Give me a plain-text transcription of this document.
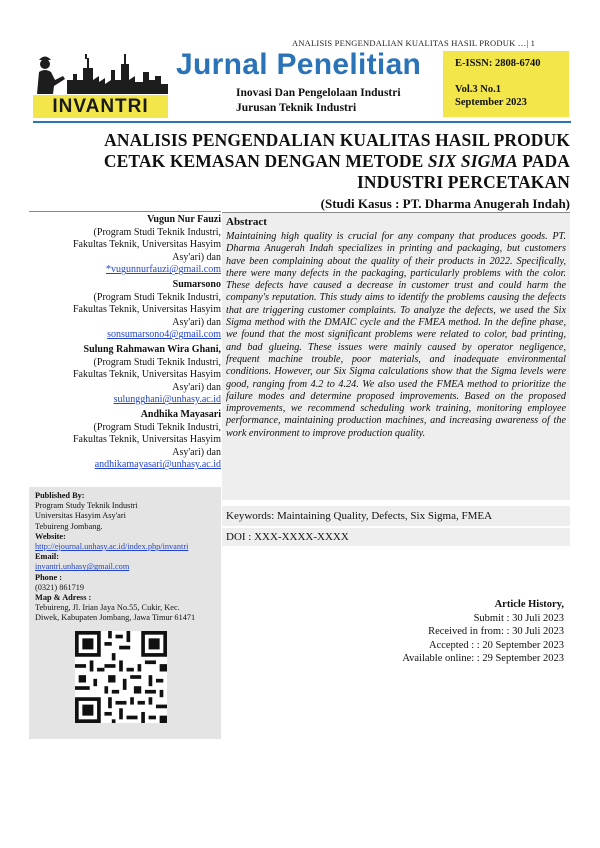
ANALISIS PENGENDALIAN KUALITAS HASIL PRODUK …| 1
INVANTRI
Jurnal Penelitian
Inovasi Dan Pengelolaan Industri
Jurusan Teknik Industri
E-ISSN: 2808-6740
Vol.3 No.1
September 2023
ANALISIS PENGENDALIAN KUALITAS HASIL PRODUK
CETAK KEMASAN DENGAN METODE SIX SIGMA PADA
INDUSTRI PERCETAKAN
(Studi Kasus : PT. Dharma Anugerah Indah)
Vugun Nur Fauzi
(Program Studi Teknik Industri,
Fakultas Teknik, Universitas Hasyim
Asy'ari) dan
*vugunnurfauzi@gmail.com
Sumarsono
(Program Studi Teknik Industri,
Fakultas Teknik, Universitas Hasyim
Asy'ari) dan
sonsumarsono4@gmail.com
Sulung Rahmawan Wira Ghani,
(Program Studi Teknik Industri,
Fakultas Teknik, Universitas Hasyim
Asy'ari) dan
sulungghani@unhasy.ac.id
Andhika Mayasari
(Program Studi Teknik Industri,
Fakultas Teknik, Universitas Hasyim
Asy'ari) dan
andhikamayasari@unhasy.ac.id
Published By:
Program Study Teknik Industri
Universitas Hasyim Asy'ari
Tebuireng Jombang.
Website:
http://ejournal.unhasy.ac.id/index.php/invantri
Email:
invantri.unhasy@gmail.com
Phone :
(0321) 861719
Map & Adress :
Tebuireng, Jl. Irian Jaya No.55, Cukir, Kec.
Diwek, Kabupaten Jombang, Jawa Timur 61471
Abstract
Maintaining high quality is crucial for any company that produces goods. PT. Dharma Anugerah Indah specializes in printing and packaging, but customers have been complaining about the quality of their products in 2022. Specifically, there were many defects in the packaging, particularly problems with the color. These defects have caused a decrease in customer trust and could harm the company's reputation. This study aims to identify the problems causing the defects that are triggering customer complaints. To analyze the defects, we used the Six Sigma method with the DMAIC cycle and the FMEA method. In the define phase, we found that the most significant problems were related to color, bad printing, and bad glueing. These issues were mainly caused by operator negligence, frequent machine trouble, poor materials, and inadequate environmental conditions. However, our Six Sigma calculations show that the Sigma levels were good, ranging from 4.2 to 4.24. We also used the FMEA method to prioritize the failure modes and determine proposed improvements. Based on the proposed improvements, we recommend scheduling work training, monitoring employee performance, maintaining production machines, and increasing awareness of the work environment to improve production quality.
Keywords: Maintaining Quality, Defects, Six Sigma, FMEA
DOI : XXX-XXXX-XXXX
Article History,
Submit : 30 Juli 2023
Received in from: : 30 Juli 2023
Accepted : : 20 September 2023
Available online: : 29 September 2023
